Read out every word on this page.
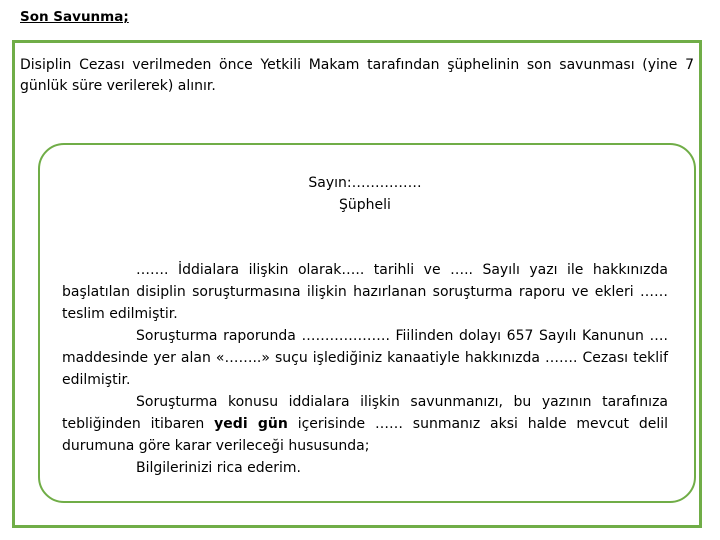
Son Savunma;

Disiplin Cezası verilmeden önce Yetkili Makam tarafından şüphelinin son savunması (yine 7 günlük süre verilerek) alınır.

Sayın:……………

Şüpheli

……. İddialara ilişkin olarak….. tarihli ve ….. Sayılı yazı ile hakkınızda başlatılan disiplin soruşturmasına ilişkin hazırlanan soruşturma raporu ve ekleri …… teslim edilmiştir.

Soruşturma raporunda ………………. Fiilinden dolayı 657 Sayılı Kanunun …. maddesinde yer alan «……..» suçu işlediğiniz kanaatiyle hakkınızda ……. Cezası teklif edilmiştir.

Soruşturma konusu iddialara ilişkin savunmanızı, bu yazının tarafınıza tebliğinden itibaren yedi gün içerisinde …… sunmanız aksi halde mevcut delil durumuna göre karar verileceği hususunda;

Bilgilerinizi rica ederim.
